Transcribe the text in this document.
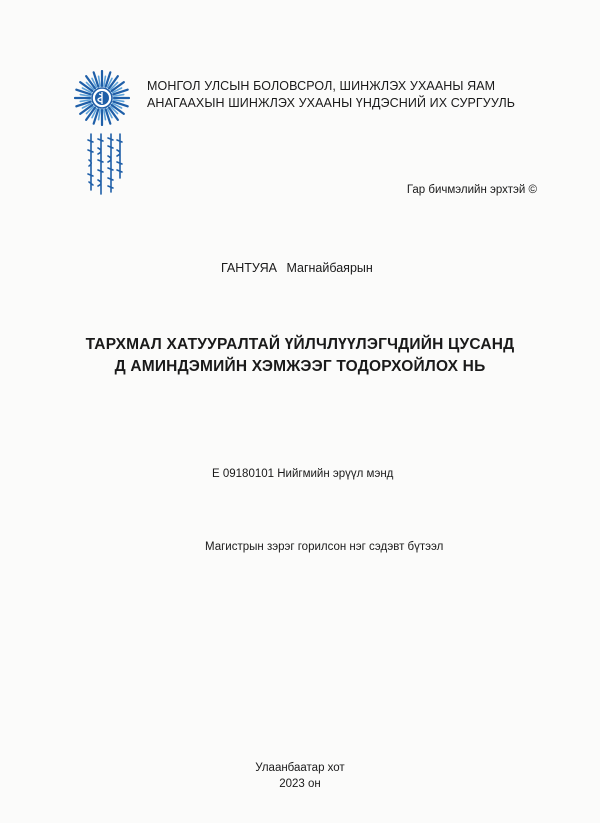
МОНГОЛ УЛСЫН БОЛОВСРОЛ, ШИНЖЛЭХ УХААНЫ ЯАМ
АНАГААХЫН ШИНЖЛЭХ УХААНЫ ҮНДЭСНИЙ ИХ СУРГУУЛЬ
Гар бичмэлийн эрхтэй ©
ГАНТУЯА Магнайбаярын
ТАРХМАЛ ХАТУУРАЛТАЙ ҮЙЛЧЛҮҮЛЭГЧДИЙН ЦУСАНД
Д АМИНДЭМИЙН ХЭМЖЭЭГ ТОДОРХОЙЛОХ НЬ
Е 09180101 Нийгмийн эрүүл мэнд
Магистрын зэрэг горилсон нэг сэдэвт бүтээл
Улаанбаатар хот
2023 он
